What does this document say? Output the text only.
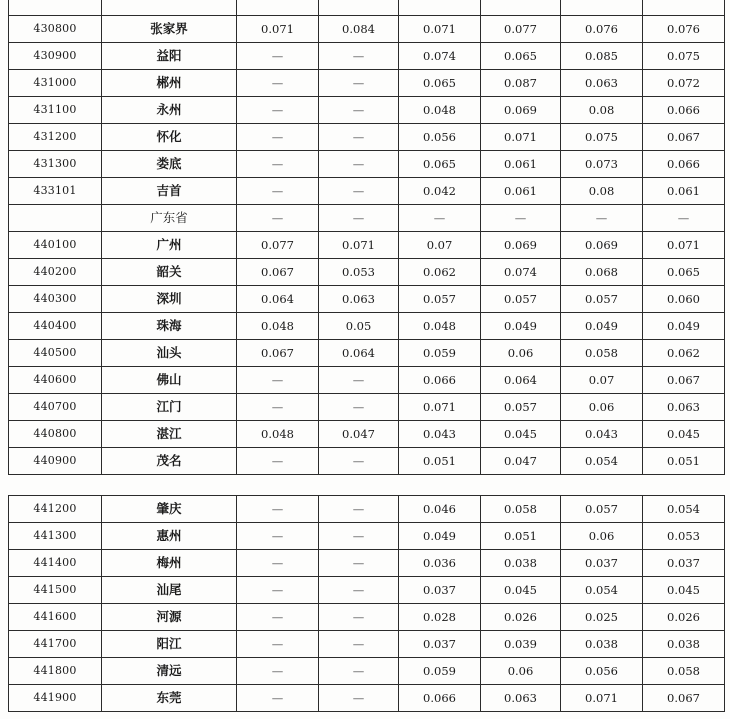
430800	张家界	0.071	0.084	0.071	0.077	0.076	0.076
430900	益阳	—	—	0.074	0.065	0.085	0.075
431000	郴州	—	—	0.065	0.087	0.063	0.072
431100	永州	—	—	0.048	0.069	0.08	0.066
431200	怀化	—	—	0.056	0.071	0.075	0.067
431300	娄底	—	—	0.065	0.061	0.073	0.066
433101	吉首	—	—	0.042	0.061	0.08	0.061
	广东省	—	—	—	—	—	—
440100	广州	0.077	0.071	0.07	0.069	0.069	0.071
440200	韶关	0.067	0.053	0.062	0.074	0.068	0.065
440300	深圳	0.064	0.063	0.057	0.057	0.057	0.060
440400	珠海	0.048	0.05	0.048	0.049	0.049	0.049
440500	汕头	0.067	0.064	0.059	0.06	0.058	0.062
440600	佛山	—	—	0.066	0.064	0.07	0.067
440700	江门	—	—	0.071	0.057	0.06	0.063
440800	湛江	0.048	0.047	0.043	0.045	0.043	0.045
440900	茂名	—	—	0.051	0.047	0.054	0.051
441200	肇庆	—	—	0.046	0.058	0.057	0.054
441300	惠州	—	—	0.049	0.051	0.06	0.053
441400	梅州	—	—	0.036	0.038	0.037	0.037
441500	汕尾	—	—	0.037	0.045	0.054	0.045
441600	河源	—	—	0.028	0.026	0.025	0.026
441700	阳江	—	—	0.037	0.039	0.038	0.038
441800	清远	—	—	0.059	0.06	0.056	0.058
441900	东莞	—	—	0.066	0.063	0.071	0.067
